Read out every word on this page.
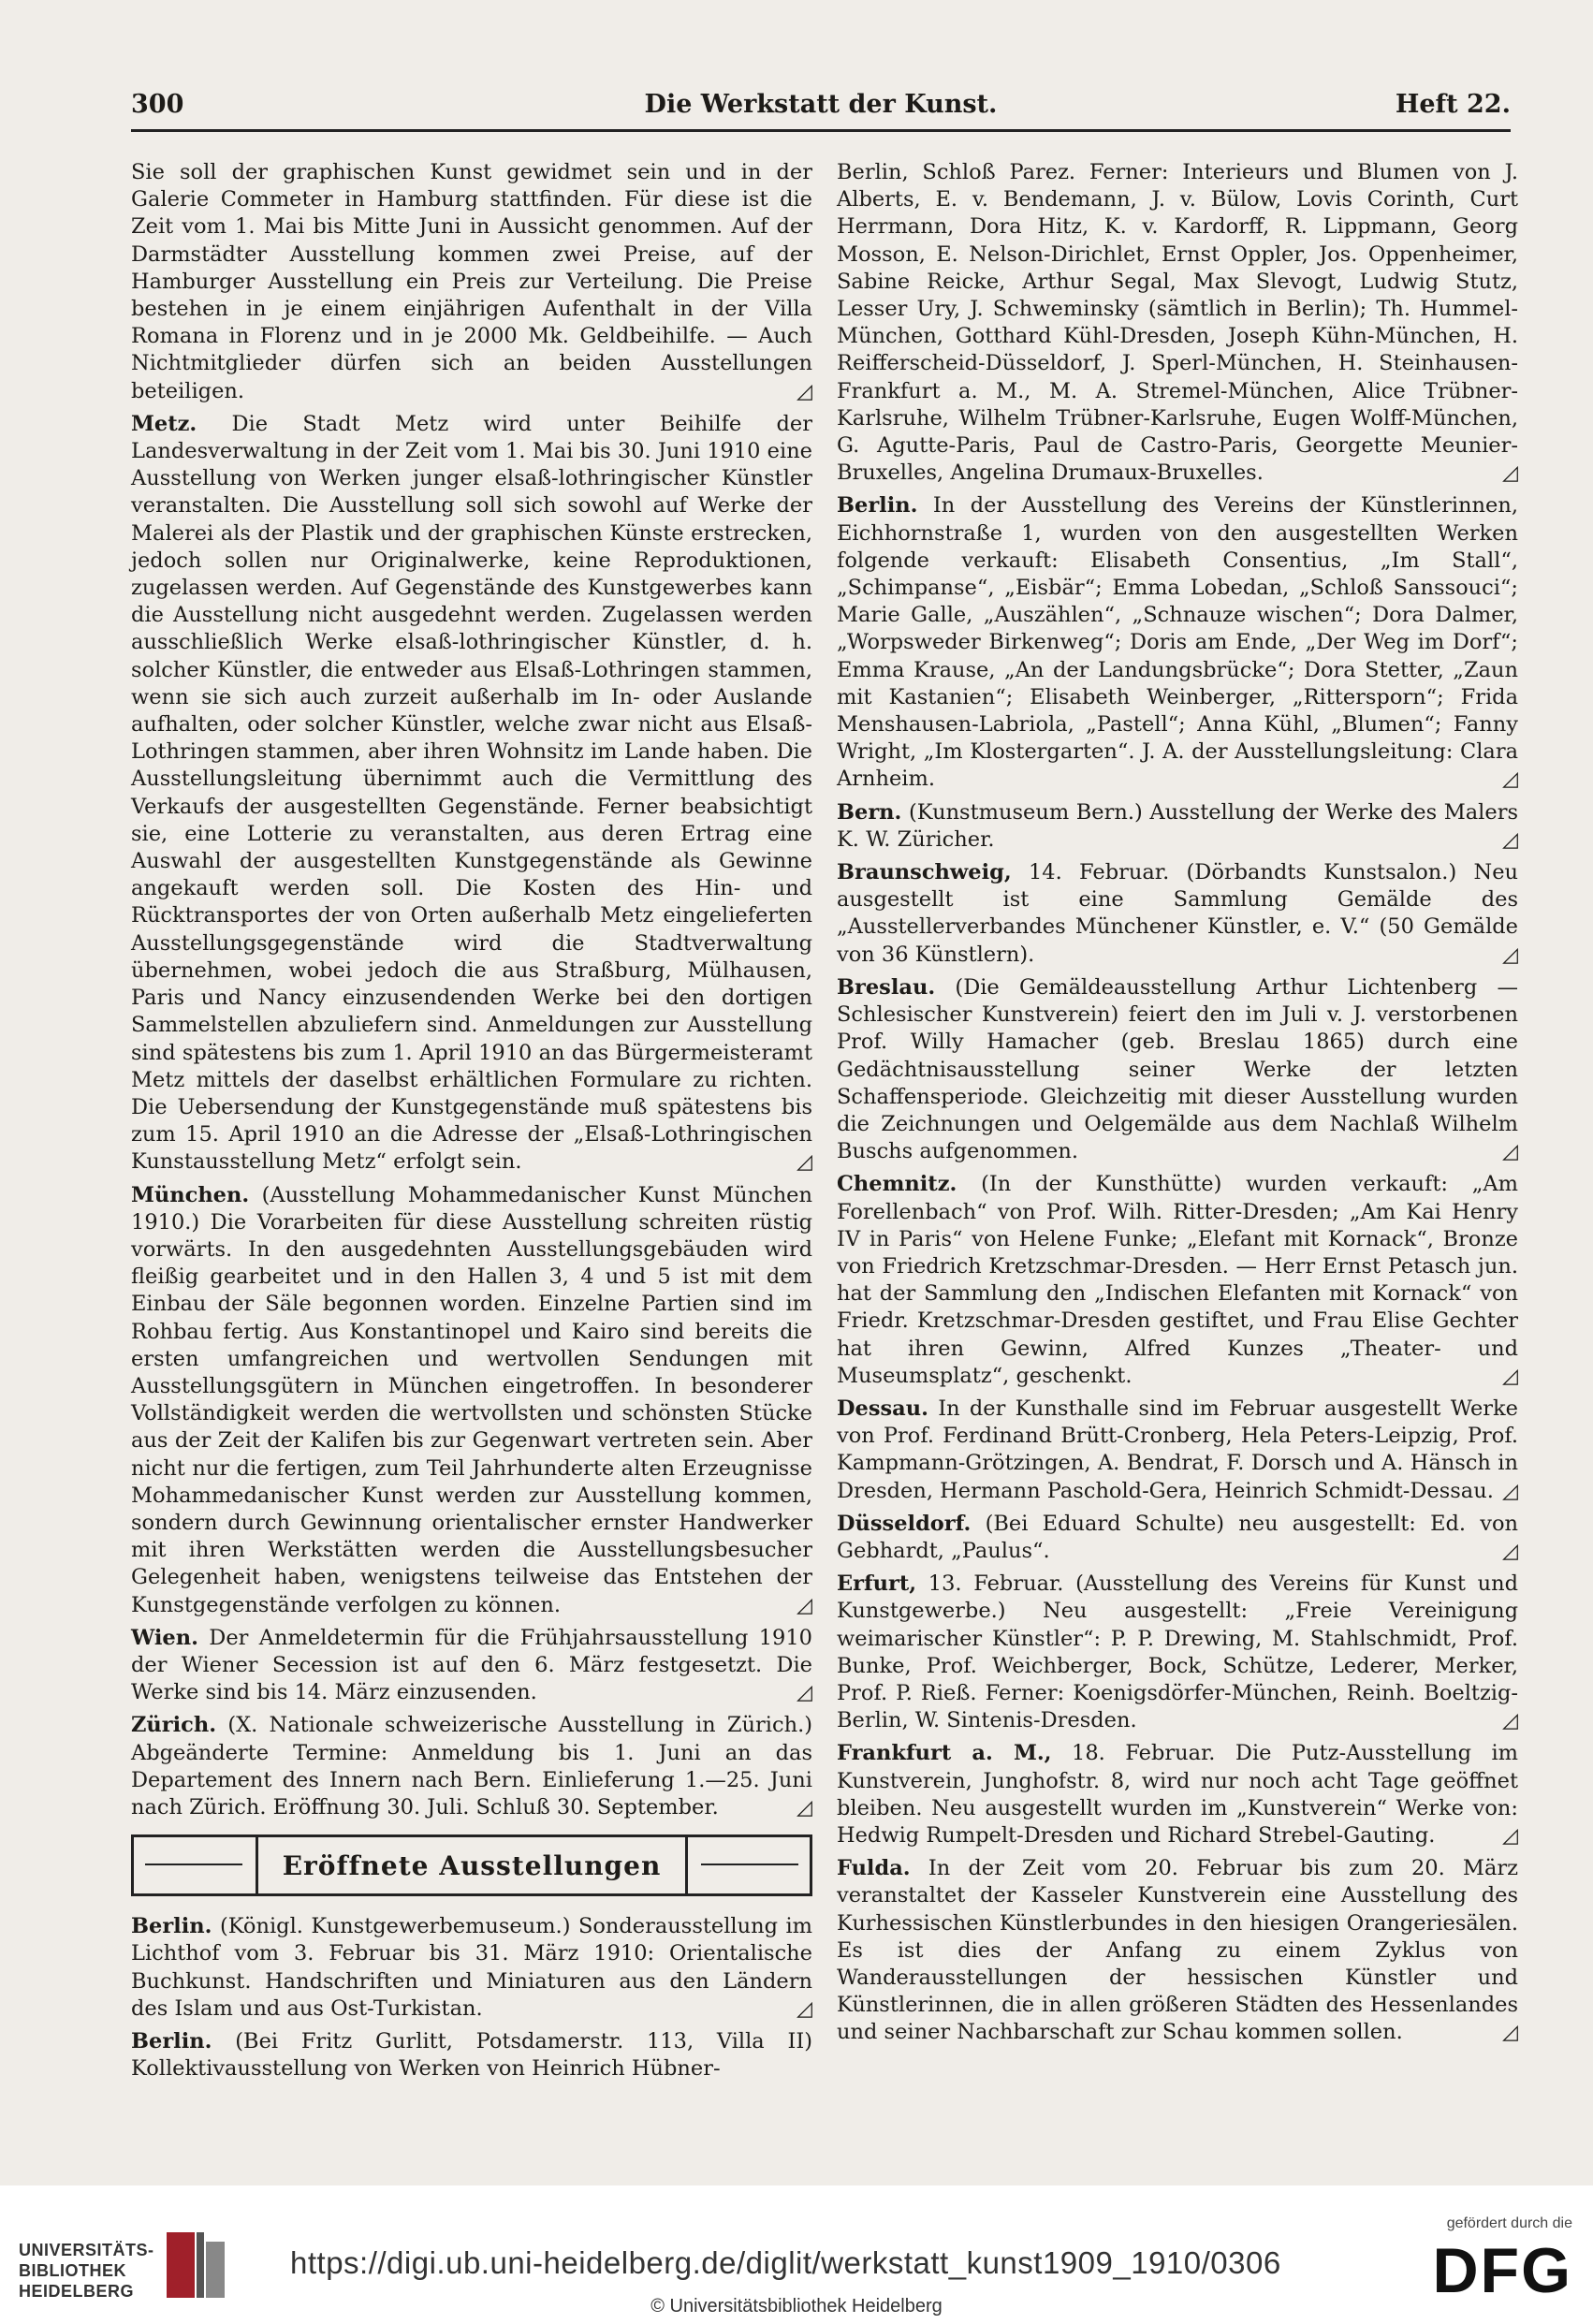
300	Die Werkstatt der Kunst.	Heft 22.

Sie soll der graphischen Kunst gewidmet sein und in der Galerie Commeter in Hamburg stattfinden. Für diese ist die Zeit vom 1. Mai bis Mitte Juni in Aussicht genommen. Auf der Darmstädter Ausstellung kommen zwei Preise, auf der Hamburger Ausstellung ein Preis zur Verteilung. Die Preise bestehen in je einem einjährigen Aufenthalt in der Villa Romana in Florenz und in je 2000 Mk. Geldbeihilfe. — Auch Nichtmitglieder dürfen sich an beiden Ausstellungen beteiligen.	◿

Metz. Die Stadt Metz wird unter Beihilfe der Landesverwaltung in der Zeit vom 1. Mai bis 30. Juni 1910 eine Ausstellung von Werken junger elsaß-lothringischer Künstler veranstalten. Die Ausstellung soll sich sowohl auf Werke der Malerei als der Plastik und der graphischen Künste erstrecken, jedoch sollen nur Originalwerke, keine Reproduktionen, zugelassen werden. Auf Gegenstände des Kunstgewerbes kann die Ausstellung nicht ausgedehnt werden. Zugelassen werden ausschließlich Werke elsaß-lothringischer Künstler, d. h. solcher Künstler, die entweder aus Elsaß-Lothringen stammen, wenn sie sich auch zurzeit außerhalb im In- oder Auslande aufhalten, oder solcher Künstler, welche zwar nicht aus Elsaß-Lothringen stammen, aber ihren Wohnsitz im Lande haben. Die Ausstellungsleitung übernimmt auch die Vermittlung des Verkaufs der ausgestellten Gegenstände. Ferner beabsichtigt sie, eine Lotterie zu veranstalten, aus deren Ertrag eine Auswahl der ausgestellten Kunstgegenstände als Gewinne angekauft werden soll. Die Kosten des Hin- und Rücktransportes der von Orten außerhalb Metz eingelieferten Ausstellungsgegenstände wird die Stadtverwaltung übernehmen, wobei jedoch die aus Straßburg, Mülhausen, Paris und Nancy einzusendenden Werke bei den dortigen Sammelstellen abzuliefern sind. Anmeldungen zur Ausstellung sind spätestens bis zum 1. April 1910 an das Bürgermeisteramt Metz mittels der daselbst erhältlichen Formulare zu richten. Die Uebersendung der Kunstgegenstände muß spätestens bis zum 15. April 1910 an die Adresse der „Elsaß-Lothringischen Kunstausstellung Metz“ erfolgt sein.	◿

München. (Ausstellung Mohammedanischer Kunst München 1910.) Die Vorarbeiten für diese Ausstellung schreiten rüstig vorwärts. In den ausgedehnten Ausstellungsgebäuden wird fleißig gearbeitet und in den Hallen 3, 4 und 5 ist mit dem Einbau der Säle begonnen worden. Einzelne Partien sind im Rohbau fertig. Aus Konstantinopel und Kairo sind bereits die ersten umfangreichen und wertvollen Sendungen mit Ausstellungsgütern in München eingetroffen. In besonderer Vollständigkeit werden die wertvollsten und schönsten Stücke aus der Zeit der Kalifen bis zur Gegenwart vertreten sein. Aber nicht nur die fertigen, zum Teil Jahrhunderte alten Erzeugnisse Mohammedanischer Kunst werden zur Ausstellung kommen, sondern durch Gewinnung orientalischer ernster Handwerker mit ihren Werkstätten werden die Ausstellungsbesucher Gelegenheit haben, wenigstens teilweise das Entstehen der Kunstgegenstände verfolgen zu können.	◿

Wien. Der Anmeldetermin für die Frühjahrsausstellung 1910 der Wiener Secession ist auf den 6. März festgesetzt. Die Werke sind bis 14. März einzusenden.	◿

Zürich. (X. Nationale schweizerische Ausstellung in Zürich.) Abgeänderte Termine: Anmeldung bis 1. Juni an das Departement des Innern nach Bern. Einlieferung 1.—25. Juni nach Zürich. Eröffnung 30. Juli. Schluß 30. September.	◿

Eröffnete Ausstellungen

Berlin. (Königl. Kunstgewerbemuseum.) Sonderausstellung im Lichthof vom 3. Februar bis 31. März 1910: Orientalische Buchkunst. Handschriften und Miniaturen aus den Ländern des Islam und aus Ost-Turkistan.	◿

Berlin. (Bei Fritz Gurlitt, Potsdamerstr. 113, Villa II) Kollektivausstellung von Werken von Heinrich Hübner-

Berlin, Schloß Parez. Ferner: Interieurs und Blumen von J. Alberts, E. v. Bendemann, J. v. Bülow, Lovis Corinth, Curt Herrmann, Dora Hitz, K. v. Kardorff, R. Lippmann, Georg Mosson, E. Nelson-Dirichlet, Ernst Oppler, Jos. Oppenheimer, Sabine Reicke, Arthur Segal, Max Slevogt, Ludwig Stutz, Lesser Ury, J. Schweminsky (sämtlich in Berlin); Th. Hummel-München, Gotthard Kühl-Dresden, Joseph Kühn-München, H. Reifferscheid-Düsseldorf, J. Sperl-München, H. Steinhausen-Frankfurt a. M., M. A. Stremel-München, Alice Trübner-Karlsruhe, Wilhelm Trübner-Karlsruhe, Eugen Wolff-München, G. Agutte-Paris, Paul de Castro-Paris, Georgette Meunier-Bruxelles, Angelina Drumaux-Bruxelles.	◿

Berlin. In der Ausstellung des Vereins der Künstlerinnen, Eichhornstraße 1, wurden von den ausgestellten Werken folgende verkauft: Elisabeth Consentius, „Im Stall“, „Schimpanse“, „Eisbär“; Emma Lobedan, „Schloß Sanssouci“; Marie Galle, „Auszählen“, „Schnauze wischen“; Dora Dalmer, „Worpsweder Birkenweg“; Doris am Ende, „Der Weg im Dorf“; Emma Krause, „An der Landungsbrücke“; Dora Stetter, „Zaun mit Kastanien“; Elisabeth Weinberger, „Rittersporn“; Frida Menshausen-Labriola, „Pastell“; Anna Kühl, „Blumen“; Fanny Wright, „Im Klostergarten“. J. A. der Ausstellungsleitung: Clara Arnheim.	◿

Bern. (Kunstmuseum Bern.) Ausstellung der Werke des Malers K. W. Züricher.	◿

Braunschweig, 14. Februar. (Dörbandts Kunstsalon.) Neu ausgestellt ist eine Sammlung Gemälde des „Ausstellerverbandes Münchener Künstler, e. V.“ (50 Gemälde von 36 Künstlern).	◿

Breslau. (Die Gemäldeausstellung Arthur Lichtenberg — Schlesischer Kunstverein) feiert den im Juli v. J. verstorbenen Prof. Willy Hamacher (geb. Breslau 1865) durch eine Gedächtnisausstellung seiner Werke der letzten Schaffensperiode. Gleichzeitig mit dieser Ausstellung wurden die Zeichnungen und Oelgemälde aus dem Nachlaß Wilhelm Buschs aufgenommen.	◿

Chemnitz. (In der Kunsthütte) wurden verkauft: „Am Forellenbach“ von Prof. Wilh. Ritter-Dresden; „Am Kai Henry IV in Paris“ von Helene Funke; „Elefant mit Kornack“, Bronze von Friedrich Kretzschmar-Dresden. — Herr Ernst Petasch jun. hat der Sammlung den „Indischen Elefanten mit Kornack“ von Friedr. Kretzschmar-Dresden gestiftet, und Frau Elise Gechter hat ihren Gewinn, Alfred Kunzes „Theater- und Museumsplatz“, geschenkt.	◿

Dessau. In der Kunsthalle sind im Februar ausgestellt Werke von Prof. Ferdinand Brütt-Cronberg, Hela Peters-Leipzig, Prof. Kampmann-Grötzingen, A. Bendrat, F. Dorsch und A. Hänsch in Dresden, Hermann Paschold-Gera, Heinrich Schmidt-Dessau. ◿

Düsseldorf. (Bei Eduard Schulte) neu ausgestellt: Ed. von Gebhardt, „Paulus“.	◿

Erfurt, 13. Februar. (Ausstellung des Vereins für Kunst und Kunstgewerbe.) Neu ausgestellt: „Freie Vereinigung weimarischer Künstler“: P. P. Drewing, M. Stahlschmidt, Prof. Bunke, Prof. Weichberger, Bock, Schütze, Lederer, Merker, Prof. P. Rieß. Ferner: Koenigsdörfer-München, Reinh. Boeltzig-Berlin, W. Sintenis-Dresden.	◿

Frankfurt a. M., 18. Februar. Die Putz-Ausstellung im Kunstverein, Junghofstr. 8, wird nur noch acht Tage geöffnet bleiben. Neu ausgestellt wurden im „Kunstverein“ Werke von: Hedwig Rumpelt-Dresden und Richard Strebel-Gauting.	◿

Fulda. In der Zeit vom 20. Februar bis zum 20. März veranstaltet der Kasseler Kunstverein eine Ausstellung des Kurhessischen Künstlerbundes in den hiesigen Orangeriesälen. Es ist dies der Anfang zu einem Zyklus von Wanderausstellungen der hessischen Künstler und Künstlerinnen, die in allen größeren Städten des Hessenlandes und seiner Nachbarschaft zur Schau kommen sollen.	◿

UNIVERSITÄTS-
BIBLIOTHEK
HEIDELBERG
https://digi.ub.uni-heidelberg.de/diglit/werkstatt_kunst1909_1910/0306
© Universitätsbibliothek Heidelberg
gefördert durch die
DFG
